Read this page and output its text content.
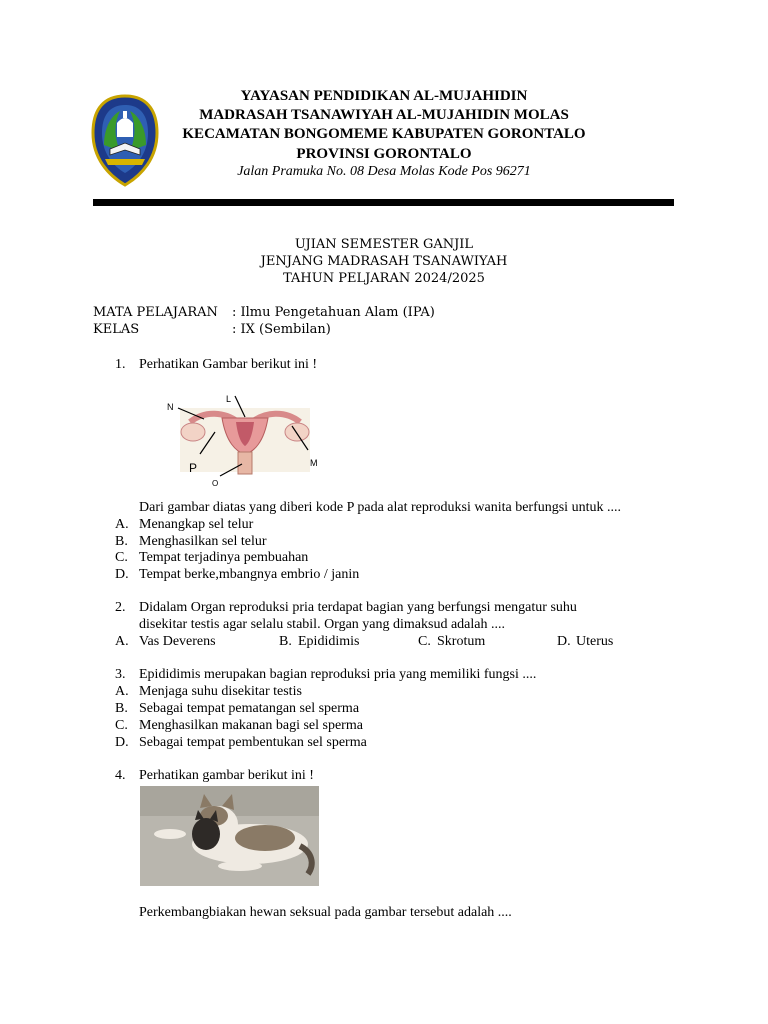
YAYASAN PENDIDIKAN AL-MUJAHIDIN
MADRASAH TSANAWIYAH AL-MUJAHIDIN MOLAS
KECAMATAN BONGOMEME KABUPATEN GORONTALO
PROVINSI GORONTALO
Jalan Pramuka No. 08 Desa Molas Kode Pos 96271
UJIAN SEMESTER GANJIL
JENJANG MADRASAH TSANAWIYAH
TAHUN PELJARAN 2024/2025
MATA PELAJARAN : Ilmu Pengetahuan Alam (IPA)
KELAS	: IX (Sembilan)
1. Perhatikan Gambar berikut ini !
N
L
M
P
O
Dari gambar diatas yang diberi kode P pada alat reproduksi wanita berfungsi untuk ....
A. Menangkap sel telur
B. Menghasilkan sel telur
C. Tempat terjadinya pembuahan
D. Tempat berke,mbangnya embrio / janin
2. Didalam Organ reproduksi pria terdapat bagian yang berfungsi mengatur suhu
disekitar testis agar selalu stabil. Organ yang dimaksud adalah ....
A. Vas Deverens	B. Epididimis	C. Skrotum	D. Uterus
3. Epididimis merupakan bagian reproduksi pria yang memiliki fungsi ....
A. Menjaga suhu disekitar testis
B. Sebagai tempat pematangan sel sperma
C. Menghasilkan makanan bagi sel sperma
D. Sebagai tempat pembentukan sel sperma
4. Perhatikan gambar berikut ini !
Perkembangbiakan hewan seksual pada gambar tersebut adalah ....
